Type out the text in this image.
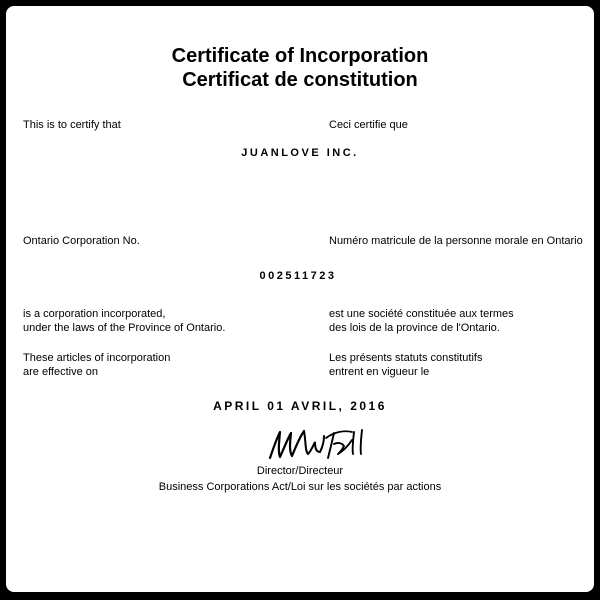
Certificate of Incorporation
Certificat de constitution
This is to certify that	Ceci certifie que
JUANLOVE INC.
Ontario Corporation No.	Numéro matricule de la personne morale en Ontario
002511723
is a corporation incorporated,
under the laws of the Province of Ontario.
est une société constituée aux termes
des lois de la province de l'Ontario.
These articles of incorporation
are effective on
Les présents statuts constitutifs
entrent en vigueur le
APRIL 01 AVRIL, 2016
Director/Directeur
Business Corporations Act/Loi sur les sociétés par actions
